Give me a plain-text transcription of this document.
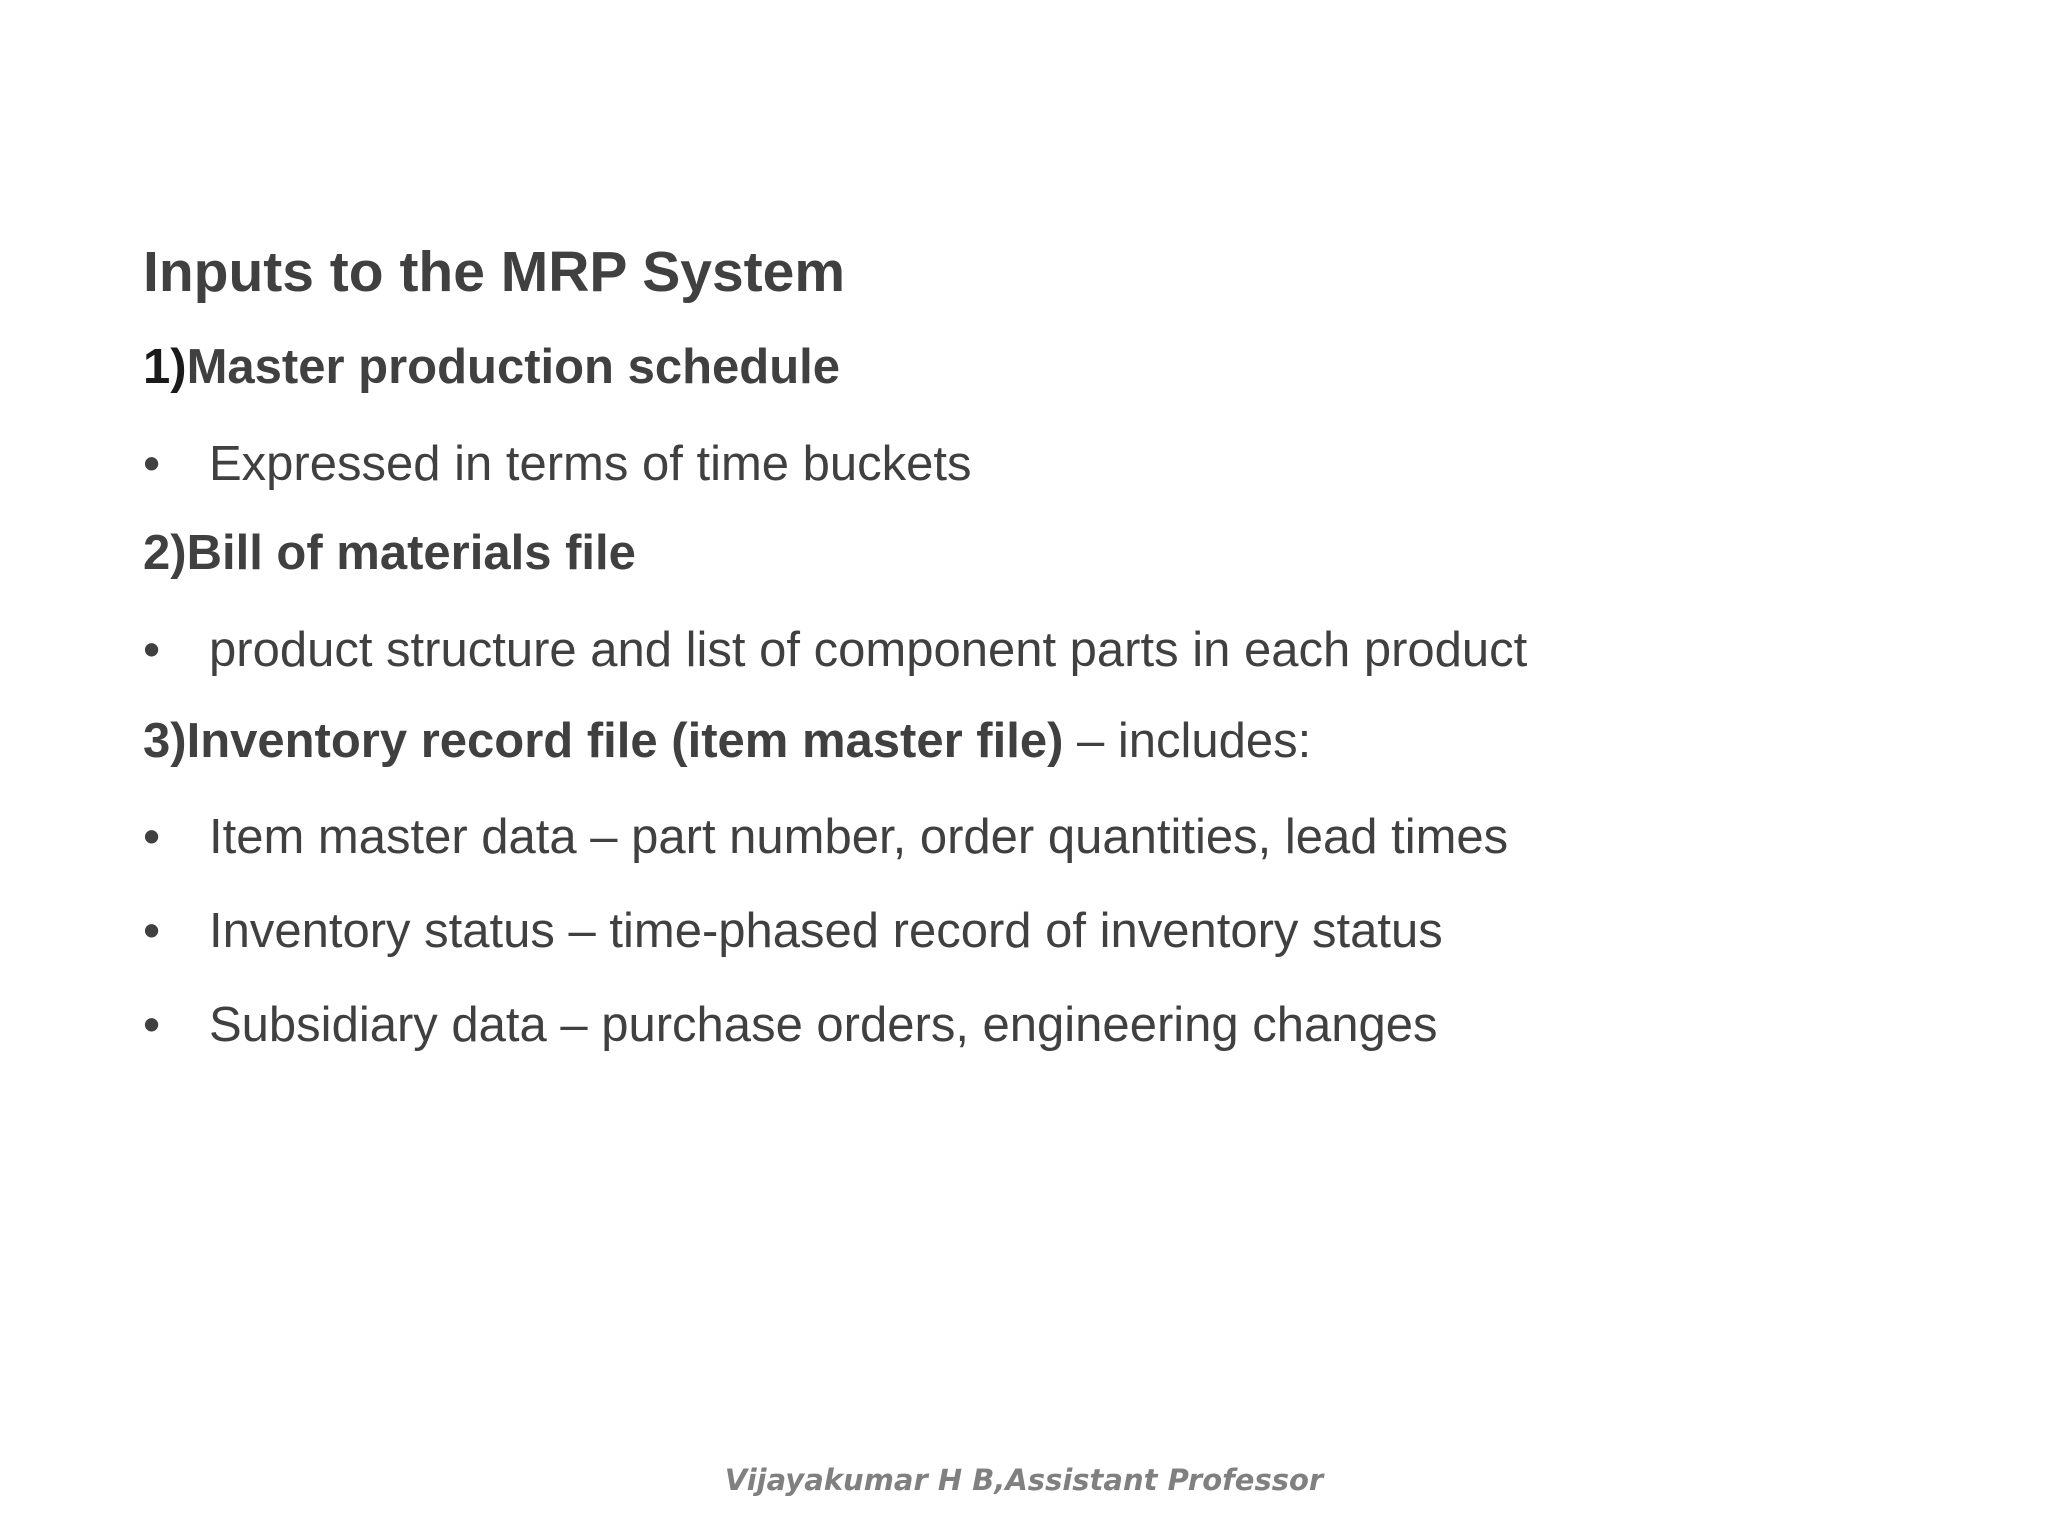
Inputs to the MRP System
1)Master production schedule
• Expressed in terms of time buckets
2)Bill of materials file
• product structure and list of component parts in each product
3)Inventory record file (item master file) – includes:
• Item master data – part number, order quantities, lead times
• Inventory status – time-phased record of inventory status
• Subsidiary data – purchase orders, engineering changes
Vijayakumar H B,Assistant Professor
